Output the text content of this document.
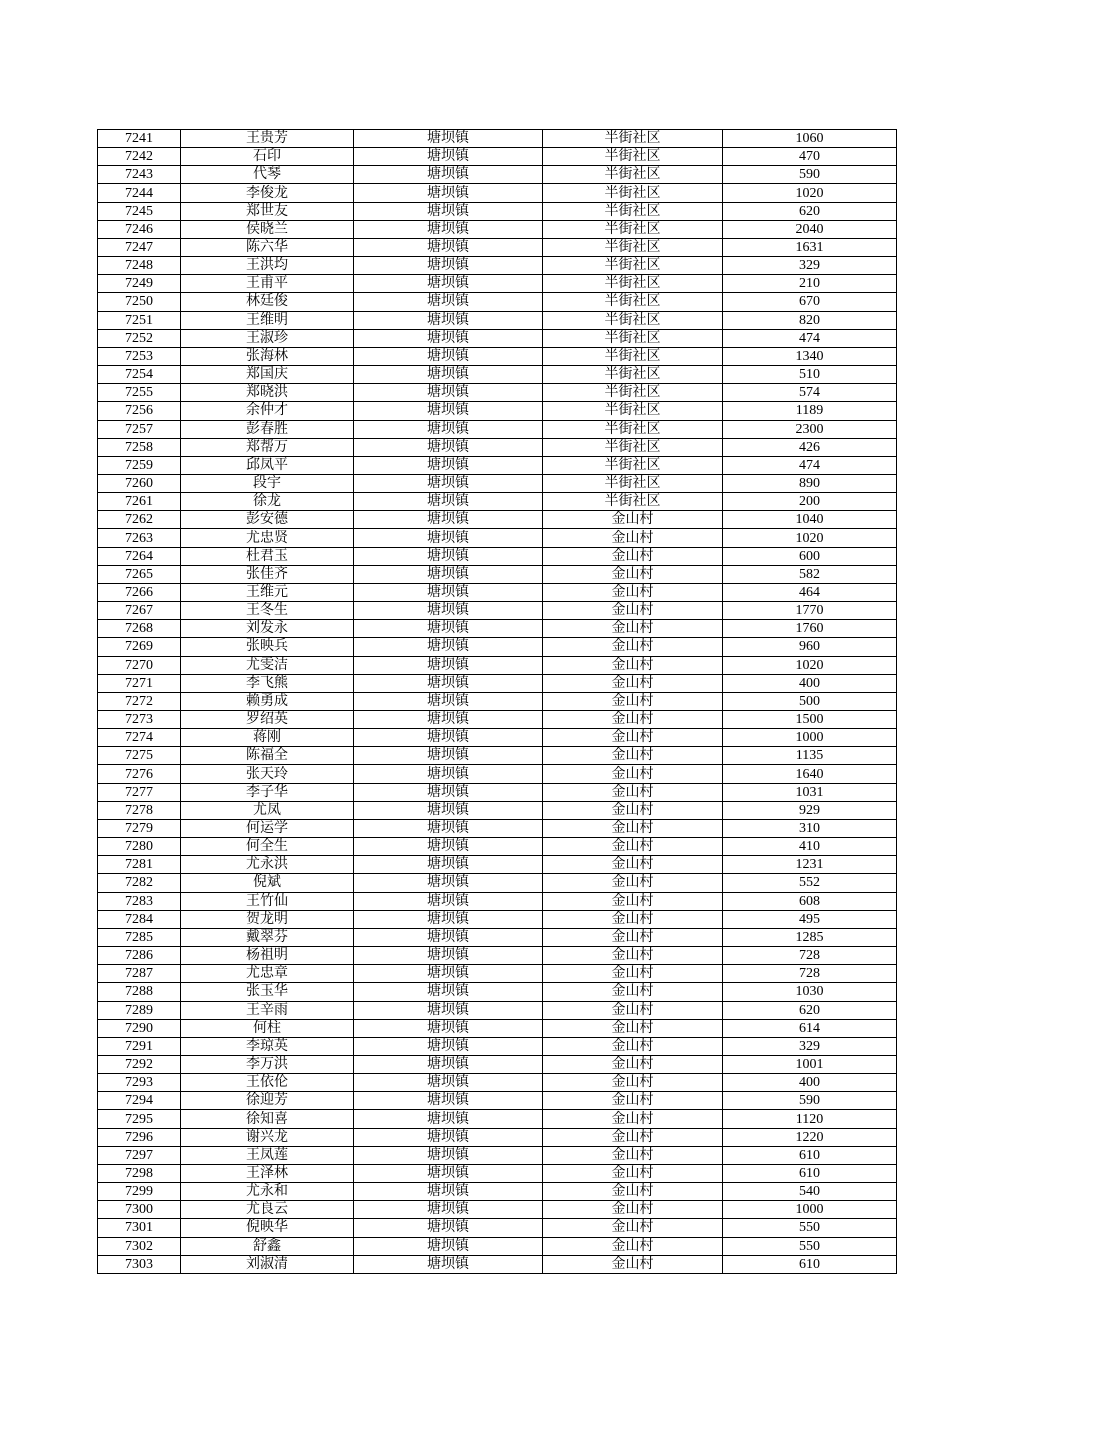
7241	王贵芳	塘坝镇	半街社区	1060
7242	石印	塘坝镇	半街社区	470
7243	代琴	塘坝镇	半街社区	590
7244	李俊龙	塘坝镇	半街社区	1020
7245	郑世友	塘坝镇	半街社区	620
7246	侯晓兰	塘坝镇	半街社区	2040
7247	陈六华	塘坝镇	半街社区	1631
7248	王洪均	塘坝镇	半街社区	329
7249	王甫平	塘坝镇	半街社区	210
7250	林廷俊	塘坝镇	半街社区	670
7251	王维明	塘坝镇	半街社区	820
7252	王淑珍	塘坝镇	半街社区	474
7253	张海林	塘坝镇	半街社区	1340
7254	郑国庆	塘坝镇	半街社区	510
7255	郑晓洪	塘坝镇	半街社区	574
7256	余仲才	塘坝镇	半街社区	1189
7257	彭春胜	塘坝镇	半街社区	2300
7258	郑帮万	塘坝镇	半街社区	426
7259	邱凤平	塘坝镇	半街社区	474
7260	段宇	塘坝镇	半街社区	890
7261	徐龙	塘坝镇	半街社区	200
7262	彭安德	塘坝镇	金山村	1040
7263	尤忠贤	塘坝镇	金山村	1020
7264	杜君玉	塘坝镇	金山村	600
7265	张佳齐	塘坝镇	金山村	582
7266	王维元	塘坝镇	金山村	464
7267	王冬生	塘坝镇	金山村	1770
7268	刘发永	塘坝镇	金山村	1760
7269	张映兵	塘坝镇	金山村	960
7270	尤雯洁	塘坝镇	金山村	1020
7271	李飞熊	塘坝镇	金山村	400
7272	赖勇成	塘坝镇	金山村	500
7273	罗绍英	塘坝镇	金山村	1500
7274	蒋刚	塘坝镇	金山村	1000
7275	陈福全	塘坝镇	金山村	1135
7276	张天玲	塘坝镇	金山村	1640
7277	李子华	塘坝镇	金山村	1031
7278	尤凤	塘坝镇	金山村	929
7279	何运学	塘坝镇	金山村	310
7280	何全生	塘坝镇	金山村	410
7281	尤永洪	塘坝镇	金山村	1231
7282	倪斌	塘坝镇	金山村	552
7283	王竹仙	塘坝镇	金山村	608
7284	贺龙明	塘坝镇	金山村	495
7285	戴翠芬	塘坝镇	金山村	1285
7286	杨祖明	塘坝镇	金山村	728
7287	尤忠章	塘坝镇	金山村	728
7288	张玉华	塘坝镇	金山村	1030
7289	王辛雨	塘坝镇	金山村	620
7290	何柱	塘坝镇	金山村	614
7291	李琼英	塘坝镇	金山村	329
7292	李万洪	塘坝镇	金山村	1001
7293	王依伦	塘坝镇	金山村	400
7294	徐迎芳	塘坝镇	金山村	590
7295	徐知喜	塘坝镇	金山村	1120
7296	谢兴龙	塘坝镇	金山村	1220
7297	王凤莲	塘坝镇	金山村	610
7298	王泽林	塘坝镇	金山村	610
7299	尤永和	塘坝镇	金山村	540
7300	尤良云	塘坝镇	金山村	1000
7301	倪映华	塘坝镇	金山村	550
7302	舒鑫	塘坝镇	金山村	550
7303	刘淑清	塘坝镇	金山村	610
